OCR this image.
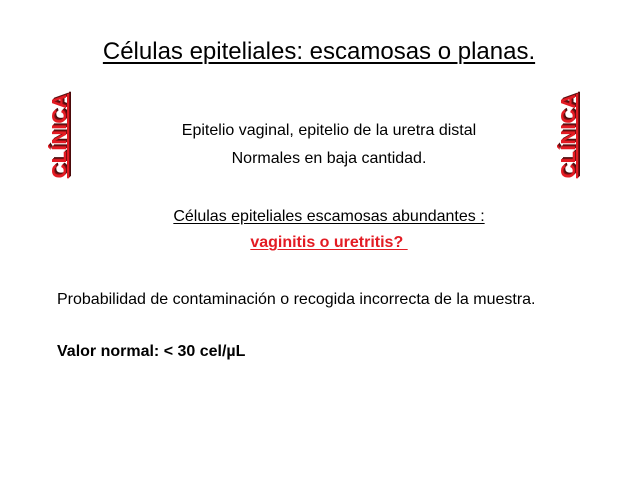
Células epiteliales: escamosas o planas.
CLÍNICA	CLÍNICA
Epitelio vaginal, epitelio de la uretra distal
Normales en baja cantidad.
Células epiteliales escamosas abundantes :
vaginitis o uretritis?
Probabilidad de contaminación o recogida incorrecta de la muestra.
Valor normal: < 30 cel/µL
